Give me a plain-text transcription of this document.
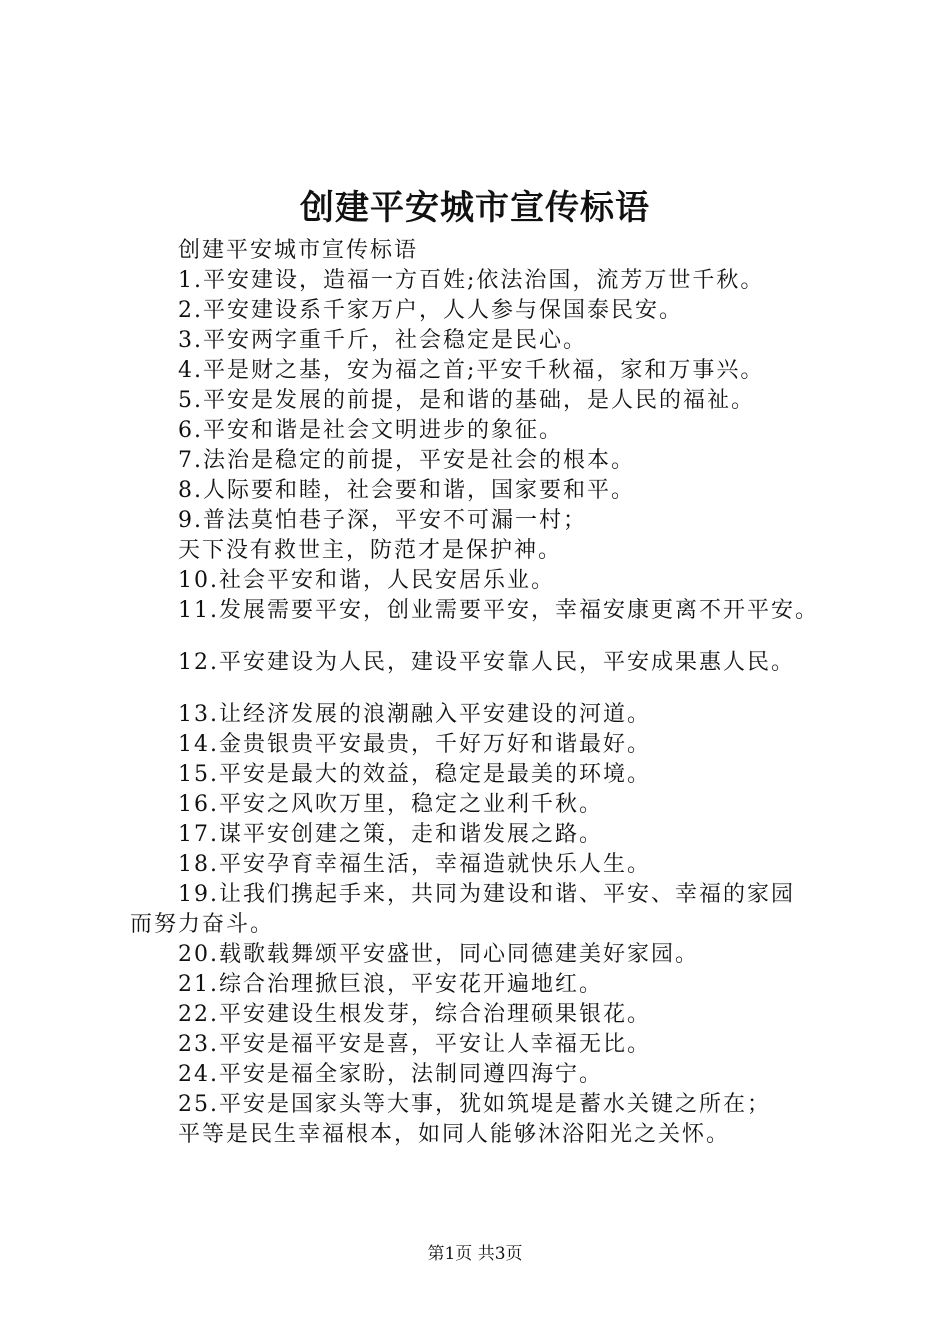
创建平安城市宣传标语
创建平安城市宣传标语
1.平安建设，造福一方百姓;依法治国，流芳万世千秋。
2.平安建设系千家万户，人人参与保国泰民安。
3.平安两字重千斤，社会稳定是民心。
4.平是财之基，安为福之首;平安千秋福，家和万事兴。
5.平安是发展的前提，是和谐的基础，是人民的福祉。
6.平安和谐是社会文明进步的象征。
7.法治是稳定的前提，平安是社会的根本。
8.人际要和睦，社会要和谐，国家要和平。
9.普法莫怕巷子深，平安不可漏一村；
天下没有救世主，防范才是保护神。
10.社会平安和谐，人民安居乐业。
11.发展需要平安，创业需要平安，幸福安康更离不开平安。
12.平安建设为人民，建设平安靠人民，平安成果惠人民。
13.让经济发展的浪潮融入平安建设的河道。
14.金贵银贵平安最贵，千好万好和谐最好。
15.平安是最大的效益，稳定是最美的环境。
16.平安之风吹万里，稳定之业利千秋。
17.谋平安创建之策，走和谐发展之路。
18.平安孕育幸福生活，幸福造就快乐人生。
19.让我们携起手来，共同为建设和谐、平安、幸福的家园
而努力奋斗。
20.载歌载舞颂平安盛世，同心同德建美好家园。
21.综合治理掀巨浪，平安花开遍地红。
22.平安建设生根发芽，综合治理硕果银花。
23.平安是福平安是喜，平安让人幸福无比。
24.平安是福全家盼，法制同遵四海宁。
25.平安是国家头等大事，犹如筑堤是蓄水关键之所在；
平等是民生幸福根本，如同人能够沐浴阳光之关怀。
第1页 共3页
